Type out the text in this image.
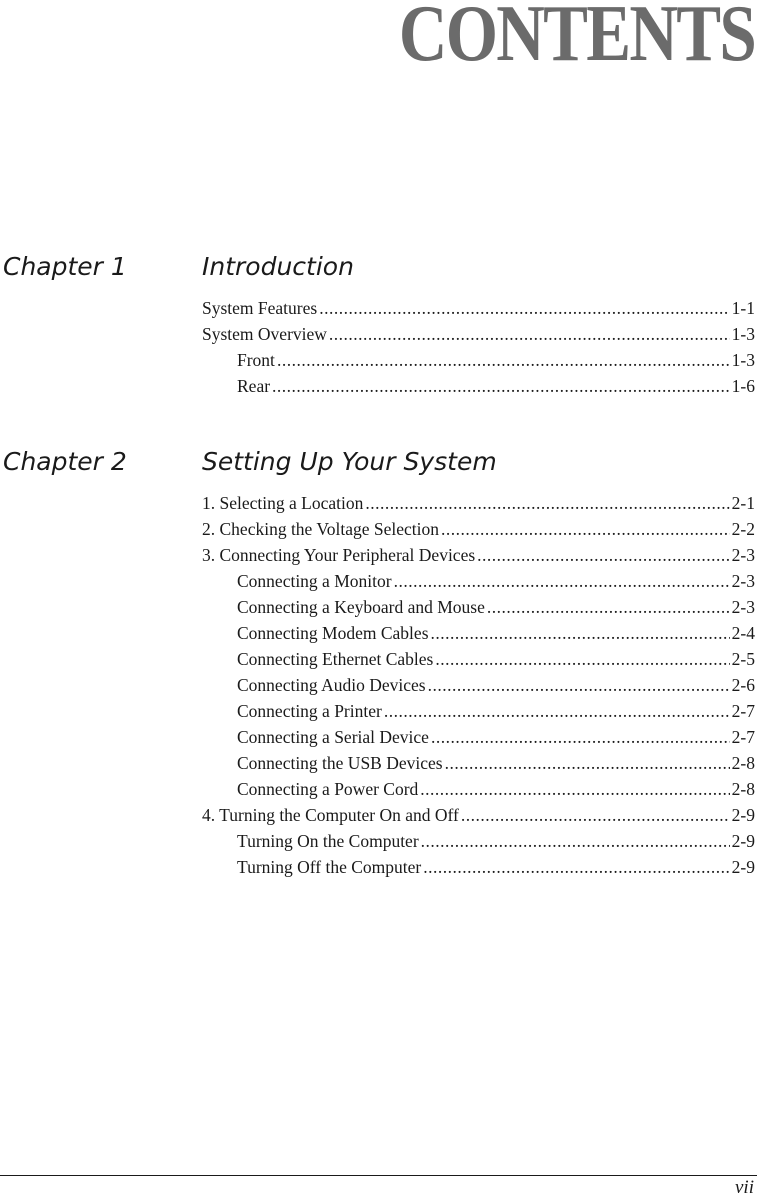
CONTENTS
Chapter 1	Introduction
System Features .....	1-1
System Overview .....	1-3
Front .....	1-3
Rear .....	1-6
Chapter 2	Setting Up Your System
1. Selecting a Location .....	2-1
2. Checking the Voltage Selection .....	2-2
3. Connecting Your Peripheral Devices .....	2-3
Connecting a Monitor .....	2-3
Connecting a Keyboard and Mouse .....	2-3
Connecting Modem Cables .....	2-4
Connecting Ethernet Cables .....	2-5
Connecting Audio Devices .....	2-6
Connecting a Printer .....	2-7
Connecting a Serial Device .....	2-7
Connecting the USB Devices .....	2-8
Connecting a Power Cord .....	2-8
4. Turning the Computer On and Off .....	2-9
Turning On the Computer .....	2-9
Turning Off the Computer .....	2-9
vii
